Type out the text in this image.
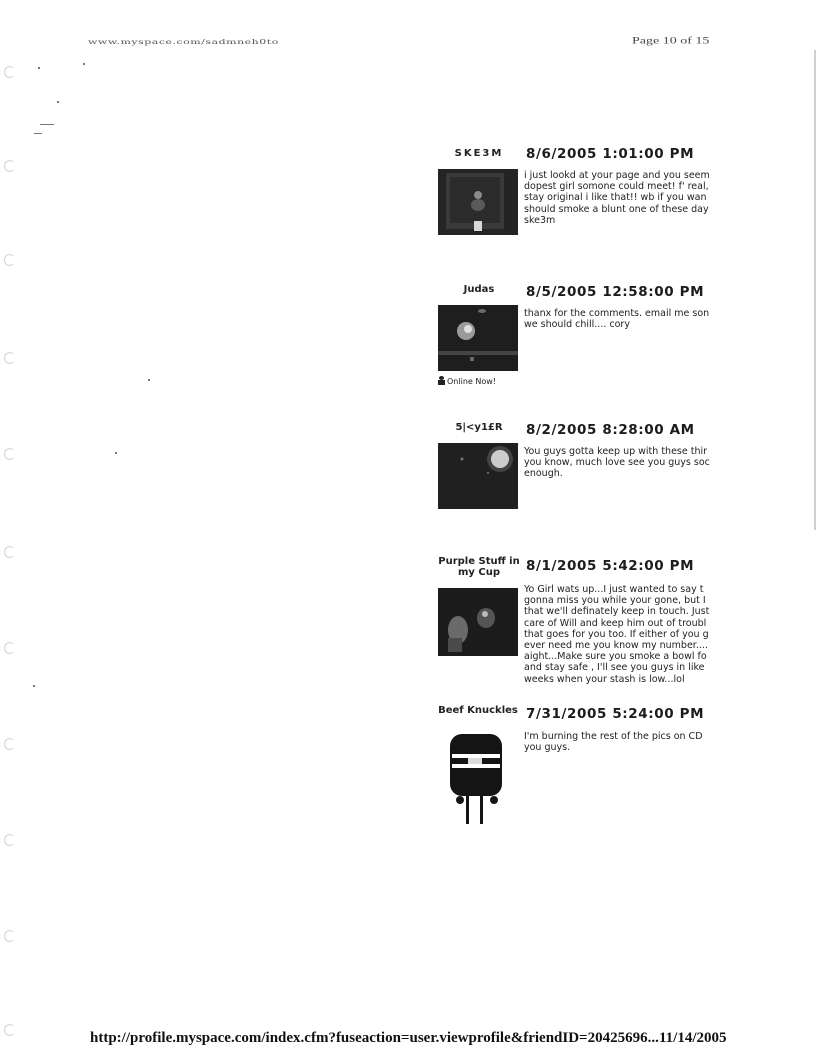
www.myspace.com/sadmneh0to	Page 10 of 15
SKE3M	8/6/2005 1:01:00 PM
i just lookd at your page and you seem
dopest girl somone could meet! f' real,
stay original i like that!! wb if you wan
should smoke a blunt one of these day
ske3m
Judas	8/5/2005 12:58:00 PM
thanx for the comments. email me son
we should chill.... cory
Online Now!
5|<y1£R	8/2/2005 8:28:00 AM
You guys gotta keep up with these thir
you know, much love see you guys soc
enough.
Purple Stuff in my Cup	8/1/2005 5:42:00 PM
Yo Girl wats up...I just wanted to say t
gonna miss you while your gone, but I
that we'll definately keep in touch. Just
care of Will and keep him out of troubl
that goes for you too. If either of you g
ever need me you know my number....
aight...Make sure you smoke a bowl fo
and stay safe , I'll see you guys in like
weeks when your stash is low...lol
Beef Knuckles 7/31/2005 5:24:00 PM
I'm burning the rest of the pics on CD
you guys.
http://profile.myspace.com/index.cfm?fuseaction=user.viewprofile&friendID=20425696... 11/14/2005
